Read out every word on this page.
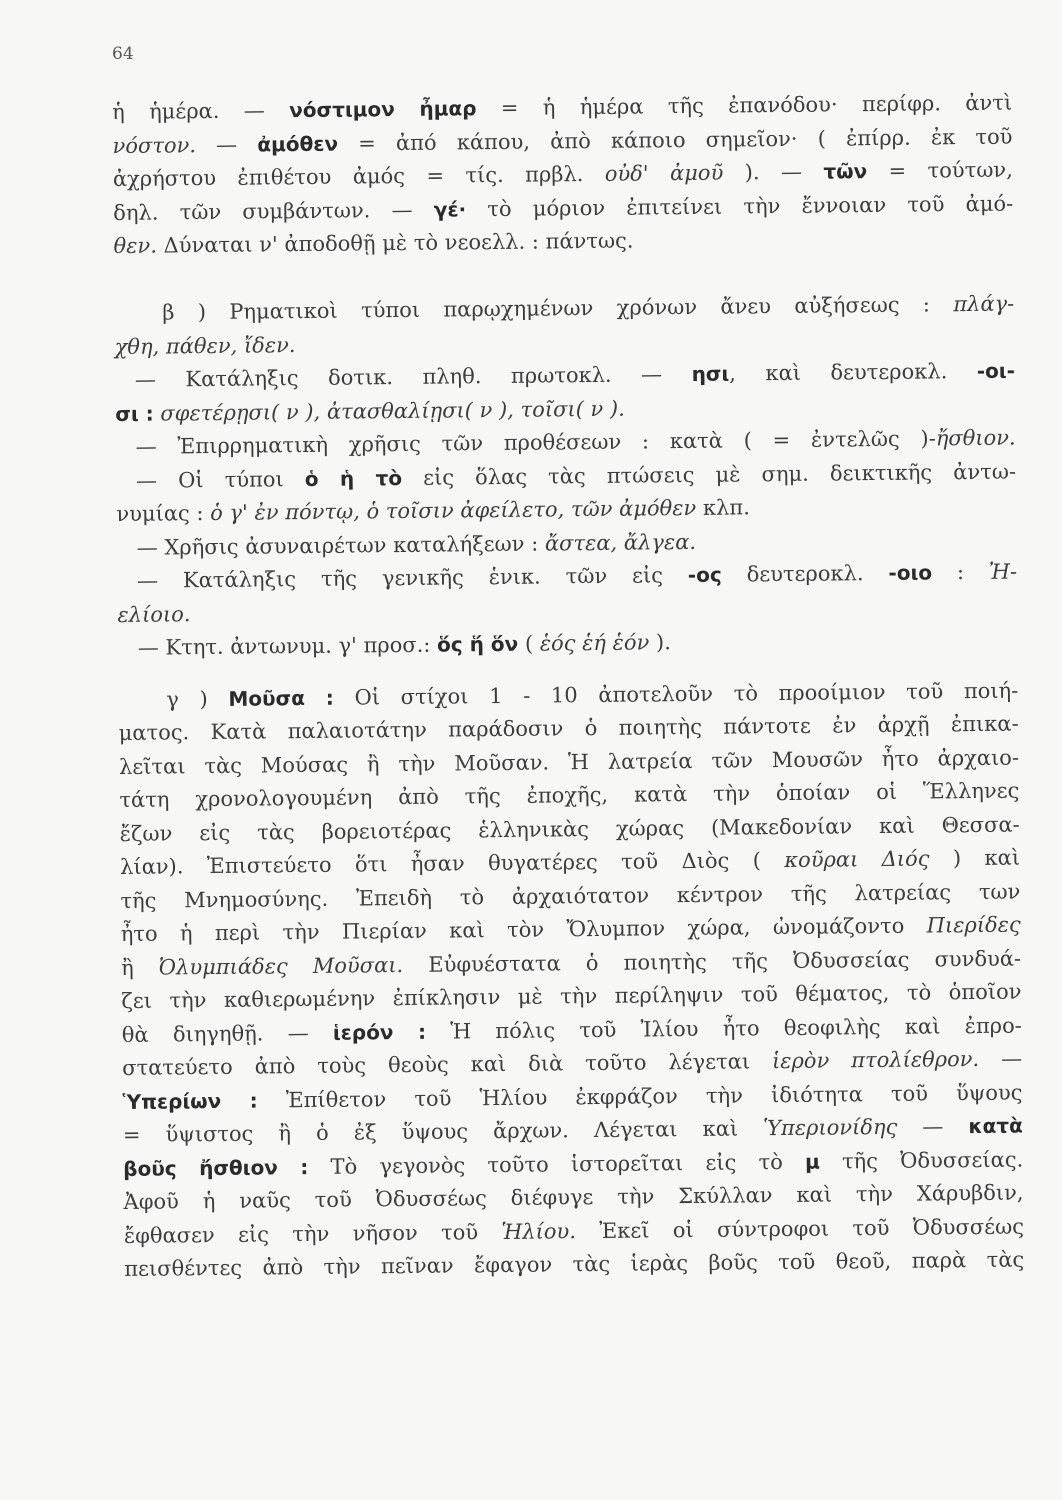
64
ἡ ἡμέρα. — νόστιμον ἦμαρ = ἡ ἡμέρα τῆς ἐπανόδου· περίφρ. ἀντὶ
νόστον. — ἀμόθεν = ἀπό κάπου, ἀπὸ κάποιο σημεῖον· ( ἐπίρρ. ἐκ τοῦ
ἀχρήστου ἐπιθέτου ἀμός = τίς. πρβλ. οὐδ' ἀμοῦ ). — τῶν = τούτων,
δηλ. τῶν συμβάντων. — γέ· τὸ μόριον ἐπιτείνει τὴν ἔννοιαν τοῦ ἀμό-
θεν. Δύναται ν' ἀποδοθῇ μὲ τὸ νεοελλ. : πάντως.
β ) Ρηματικοὶ τύποι παρῳχημένων χρόνων ἄνευ αὐξήσεως : πλάγ-
χθη, πάθεν, ἴδεν.
— Κατάληξις δοτικ. πληθ. πρωτοκλ. — ησι, καὶ δευτεροκλ. -οι-
σι : σφετέρῃσι( ν ), ἀτασθαλίῃσι( ν ), τοῖσι( ν ).
— Ἐπιρρηματικὴ χρῆσις τῶν προθέσεων : κατὰ ( = ἐντελῶς )-ἤσθιον.
— Οἱ τύποι ὁ ἡ τὸ εἰς ὅλας τὰς πτώσεις μὲ σημ. δεικτικῆς ἀντω-
νυμίας : ὁ γ' ἐν πόντῳ, ὁ τοῖσιν ἀφείλετο, τῶν ἀμόθεν κλπ.
— Χρῆσις ἀσυναιρέτων καταλήξεων : ἄστεα, ἄλγεα.
— Κατάληξις τῆς γενικῆς ἑνικ. τῶν εἰς -ος δευτεροκλ. -οιο : Ἠ-
ελίοιο.
— Κτητ. ἀντωνυμ. γ' προσ.: ὅς ἥ ὅν ( ἑός ἑή ἑόν ).
γ ) Μοῦσα : Οἱ στίχοι 1 - 10 ἀποτελοῦν τὸ προοίμιον τοῦ ποιή-
ματος. Κατὰ παλαιοτάτην παράδοσιν ὁ ποιητὴς πάντοτε ἐν ἀρχῇ ἐπικα-
λεῖται τὰς Μούσας ἢ τὴν Μοῦσαν. Ἡ λατρεία τῶν Μουσῶν ἦτο ἀρχαιο-
τάτη χρονολογουμένη ἀπὸ τῆς ἐποχῆς, κατὰ τὴν ὁποίαν οἱ Ἕλληνες
ἔζων εἰς τὰς βορειοτέρας ἑλληνικὰς χώρας (Μακεδονίαν καὶ Θεσσα-
λίαν). Ἐπιστεύετο ὅτι ἦσαν θυγατέρες τοῦ Διὸς ( κοῦραι Διός ) καὶ
τῆς Μνημοσύνης. Ἐπειδὴ τὸ ἀρχαιότατον κέντρον τῆς λατρείας των
ἦτο ἡ περὶ τὴν Πιερίαν καὶ τὸν Ὄλυμπον χώρα, ὠνομάζοντο Πιερίδες
ἢ Ὀλυμπιάδες Μοῦσαι. Εὐφυέστατα ὁ ποιητὴς τῆς Ὀδυσσείας συνδυά-
ζει τὴν καθιερωμένην ἐπίκλησιν μὲ τὴν περίληψιν τοῦ θέματος, τὸ ὁποῖον
θὰ διηγηθῇ. — ἱερόν : Ἡ πόλις τοῦ Ἰλίου ἦτο θεοφιλὴς καὶ ἐπρο-
στατεύετο ἀπὸ τοὺς θεοὺς καὶ διὰ τοῦτο λέγεται ἱερὸν πτολίεθρον. —
Ὑπερίων : Ἐπίθετον τοῦ Ἡλίου ἐκφράζον τὴν ἰδιότητα τοῦ ὕψους
= ὕψιστος ἢ ὁ ἐξ ὕψους ἄρχων. Λέγεται καὶ Ὑπεριονίδης — κατὰ
βοῦς ἤσθιον : Τὸ γεγονὸς τοῦτο ἱστορεῖται εἰς τὸ μ τῆς Ὀδυσσείας.
Ἀφοῦ ἡ ναῦς τοῦ Ὀδυσσέως διέφυγε τὴν Σκύλλαν καὶ τὴν Χάρυβδιν,
ἔφθασεν εἰς τὴν νῆσον τοῦ Ἡλίου. Ἐκεῖ οἱ σύντροφοι τοῦ Ὀδυσσέως
πεισθέντες ἀπὸ τὴν πεῖναν ἔφαγον τὰς ἱερὰς βοῦς τοῦ θεοῦ, παρὰ τὰς
